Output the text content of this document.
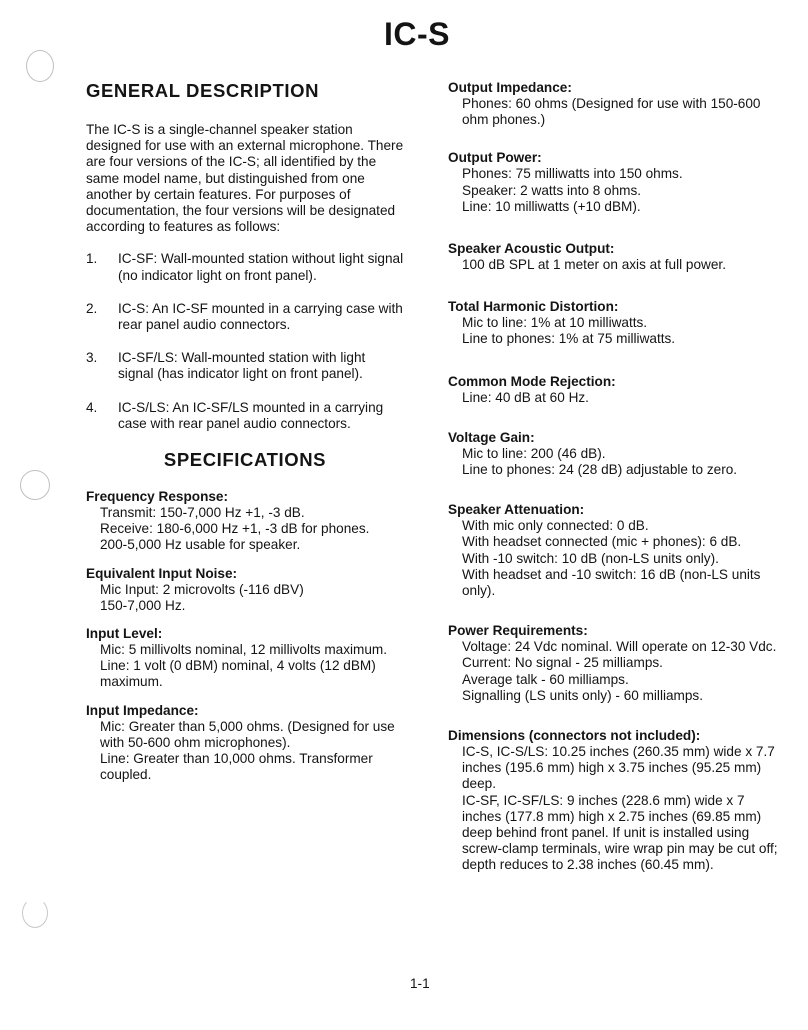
IC-S
GENERAL DESCRIPTION
The IC-S is a single-channel speaker station designed for use with an external microphone. There are four versions of the IC-S; all identified by the same model name, but distinguished from one another by certain features. For purposes of documentation, the four versions will be designated according to features as follows:
1.	IC-SF: Wall-mounted station without light signal (no indicator light on front panel).
2.	IC-S: An IC-SF mounted in a carrying case with rear panel audio connectors.
3.	IC-SF/LS: Wall-mounted station with light signal (has indicator light on front panel).
4.	IC-S/LS: An IC-SF/LS mounted in a carrying case with rear panel audio connectors.
SPECIFICATIONS
Frequency Response:
Transmit: 150-7,000 Hz +1, -3 dB.
Receive: 180-6,000 Hz +1, -3 dB for phones.
200-5,000 Hz usable for speaker.
Equivalent Input Noise:
Mic Input: 2 microvolts (-116 dBV)
150-7,000 Hz.
Input Level:
Mic: 5 millivolts nominal, 12 millivolts maximum.
Line: 1 volt (0 dBM) nominal, 4 volts (12 dBM) maximum.
Input Impedance:
Mic: Greater than 5,000 ohms. (Designed for use with 50-600 ohm microphones).
Line: Greater than 10,000 ohms. Transformer coupled.
Output Impedance:
Phones: 60 ohms (Designed for use with 150-600 ohm phones.)
Output Power:
Phones: 75 milliwatts into 150 ohms.
Speaker: 2 watts into 8 ohms.
Line: 10 milliwatts (+10 dBM).
Speaker Acoustic Output:
100 dB SPL at 1 meter on axis at full power.
Total Harmonic Distortion:
Mic to line: 1% at 10 milliwatts.
Line to phones: 1% at 75 milliwatts.
Common Mode Rejection:
Line: 40 dB at 60 Hz.
Voltage Gain:
Mic to line: 200 (46 dB).
Line to phones: 24 (28 dB) adjustable to zero.
Speaker Attenuation:
With mic only connected: 0 dB.
With headset connected (mic + phones): 6 dB.
With -10 switch: 10 dB (non-LS units only).
With headset and -10 switch: 16 dB (non-LS units only).
Power Requirements:
Voltage: 24 Vdc nominal. Will operate on 12-30 Vdc.
Current: No signal - 25 milliamps.
Average talk - 60 milliamps.
Signalling (LS units only) - 60 milliamps.
Dimensions (connectors not included):
IC-S, IC-S/LS: 10.25 inches (260.35 mm) wide x 7.7 inches (195.6 mm) high x 3.75 inches (95.25 mm) deep.
IC-SF, IC-SF/LS: 9 inches (228.6 mm) wide x 7 inches (177.8 mm) high x 2.75 inches (69.85 mm) deep behind front panel. If unit is installed using screw-clamp terminals, wire wrap pin may be cut off; depth reduces to 2.38 inches (60.45 mm).
1-1
